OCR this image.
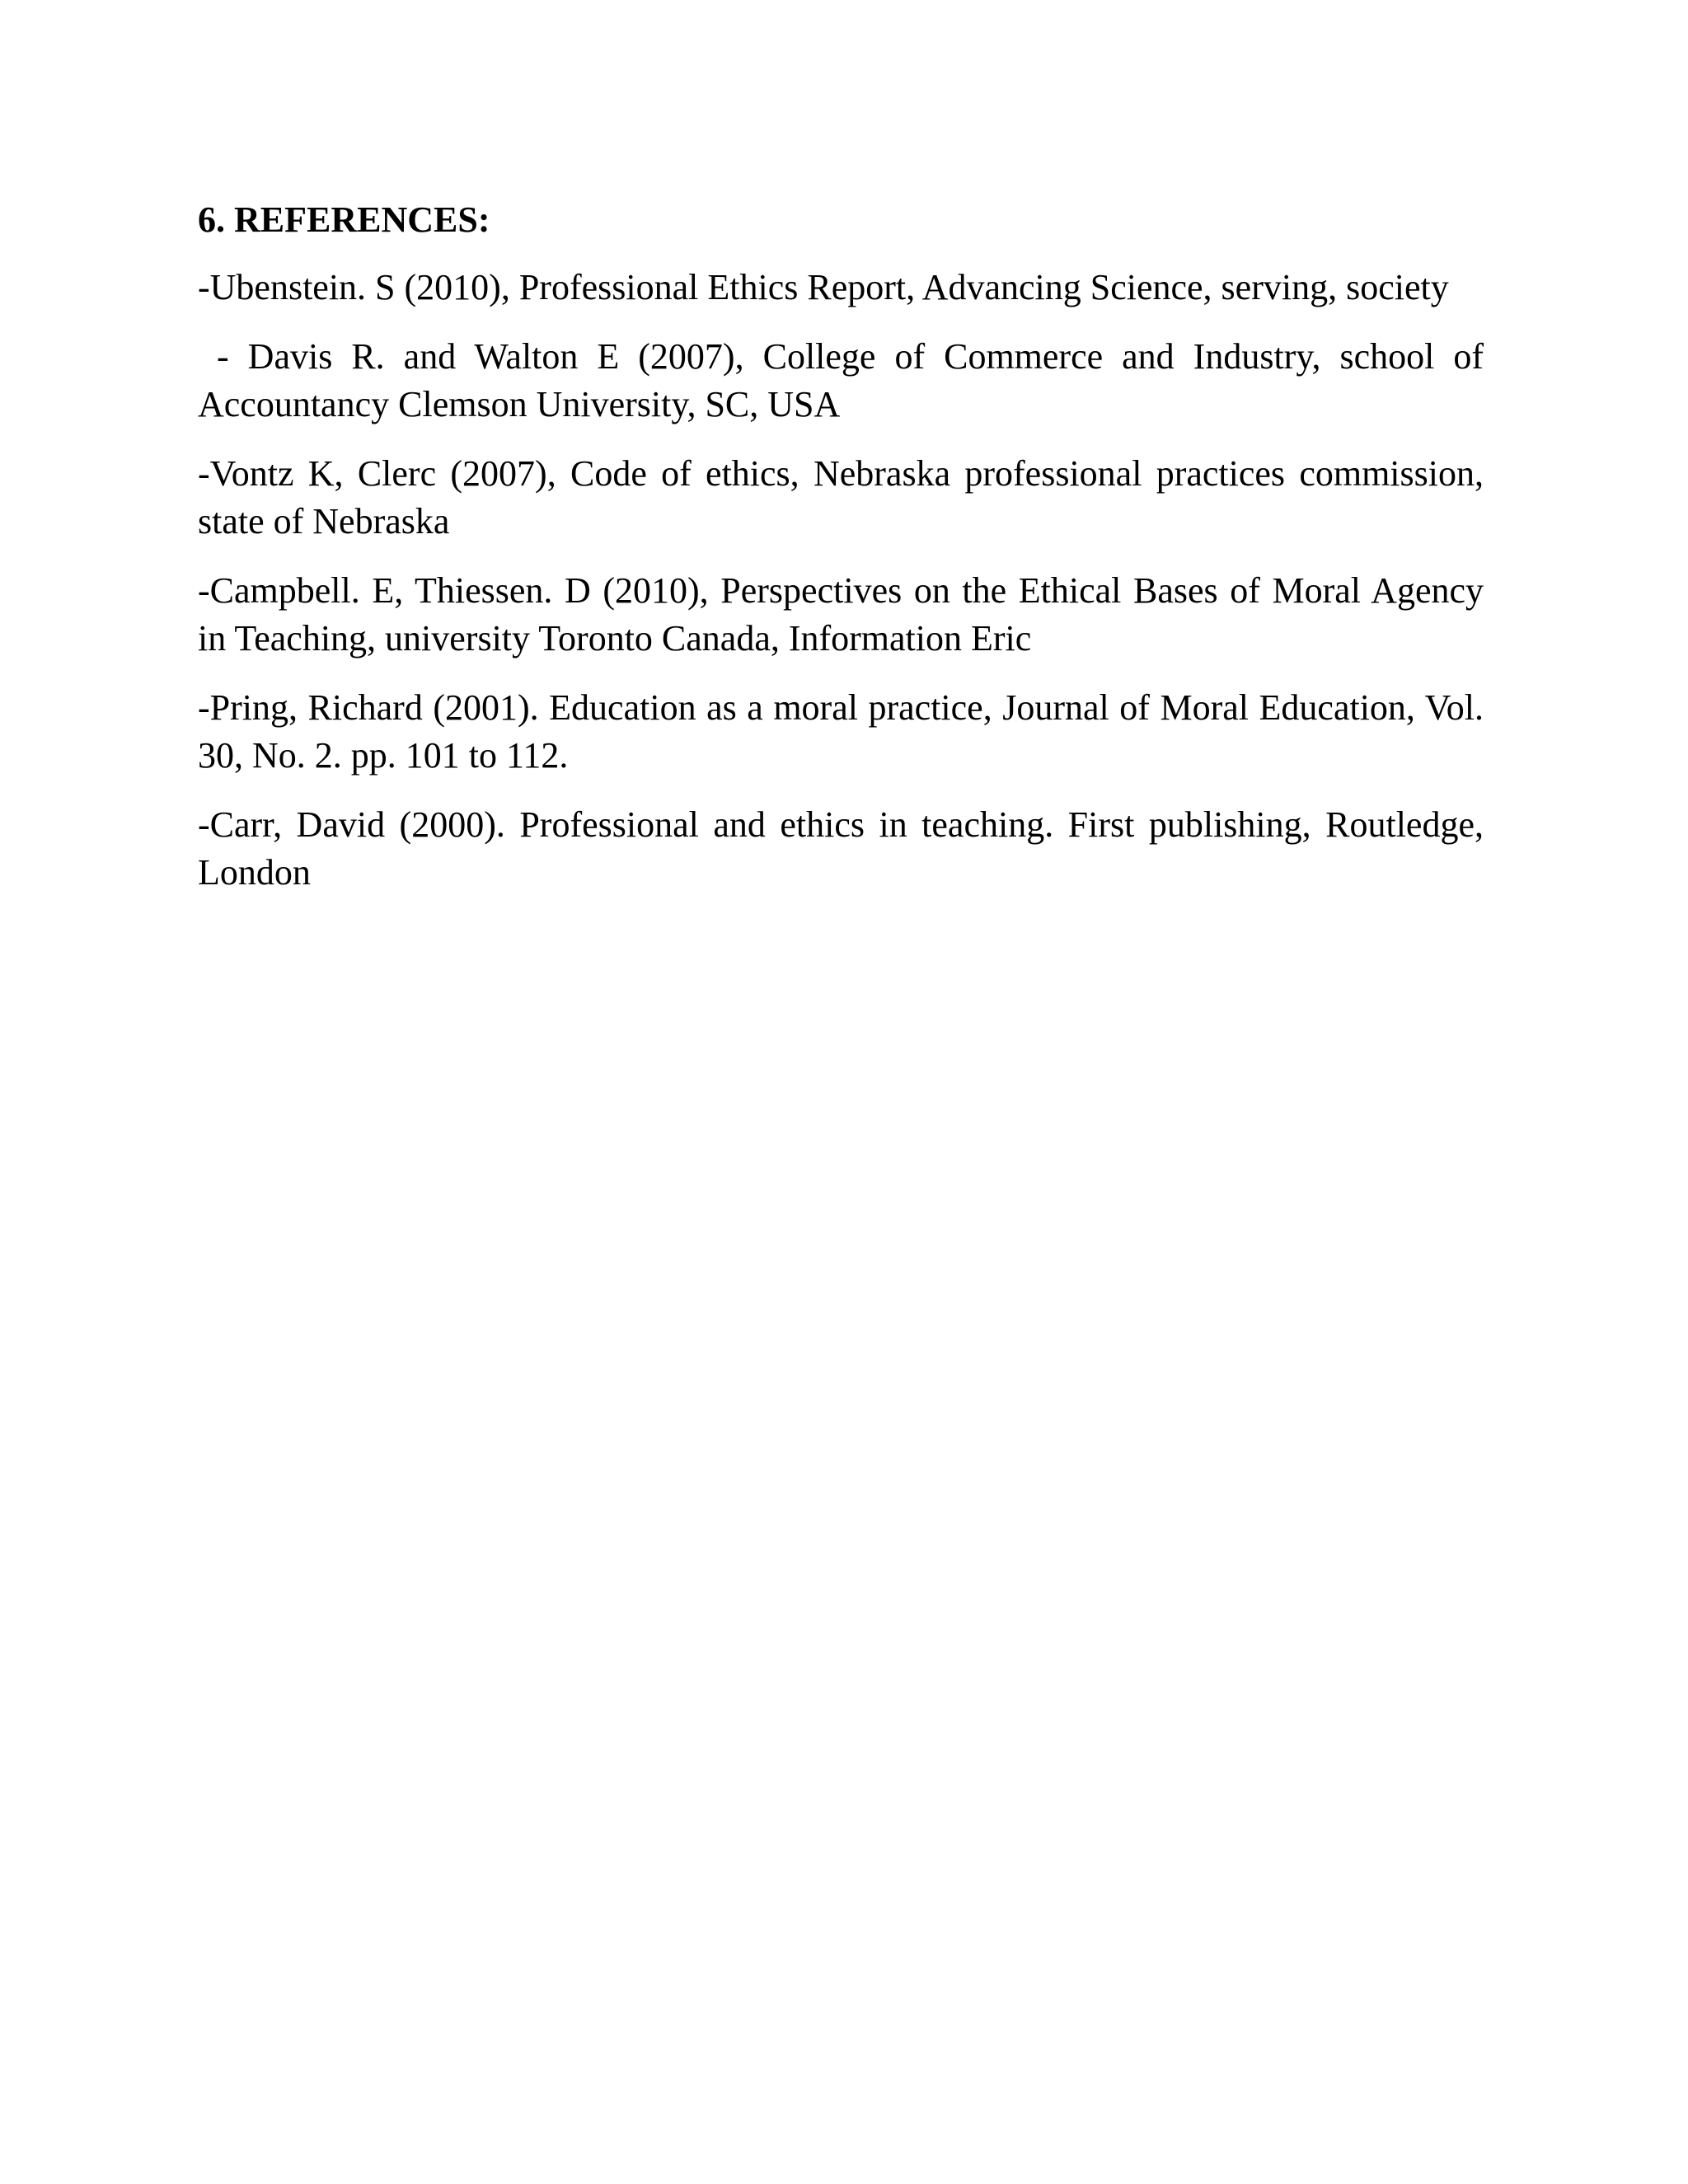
6. REFERENCES:

-Ubenstein. S (2010), Professional Ethics Report, Advancing Science, serving, society

- Davis R. and Walton E (2007), College of Commerce and Industry, school of Accountancy Clemson University, SC, USA

-Vontz K, Clerc (2007), Code of ethics, Nebraska professional practices commission, state of Nebraska

-Campbell. E, Thiessen. D (2010), Perspectives on the Ethical Bases of Moral Agency in Teaching, university Toronto Canada, Information Eric

-Pring, Richard (2001). Education as a moral practice, Journal of Moral Education, Vol. 30, No. 2. pp. 101 to 112.

-Carr, David (2000). Professional and ethics in teaching. First publishing, Routledge, London
